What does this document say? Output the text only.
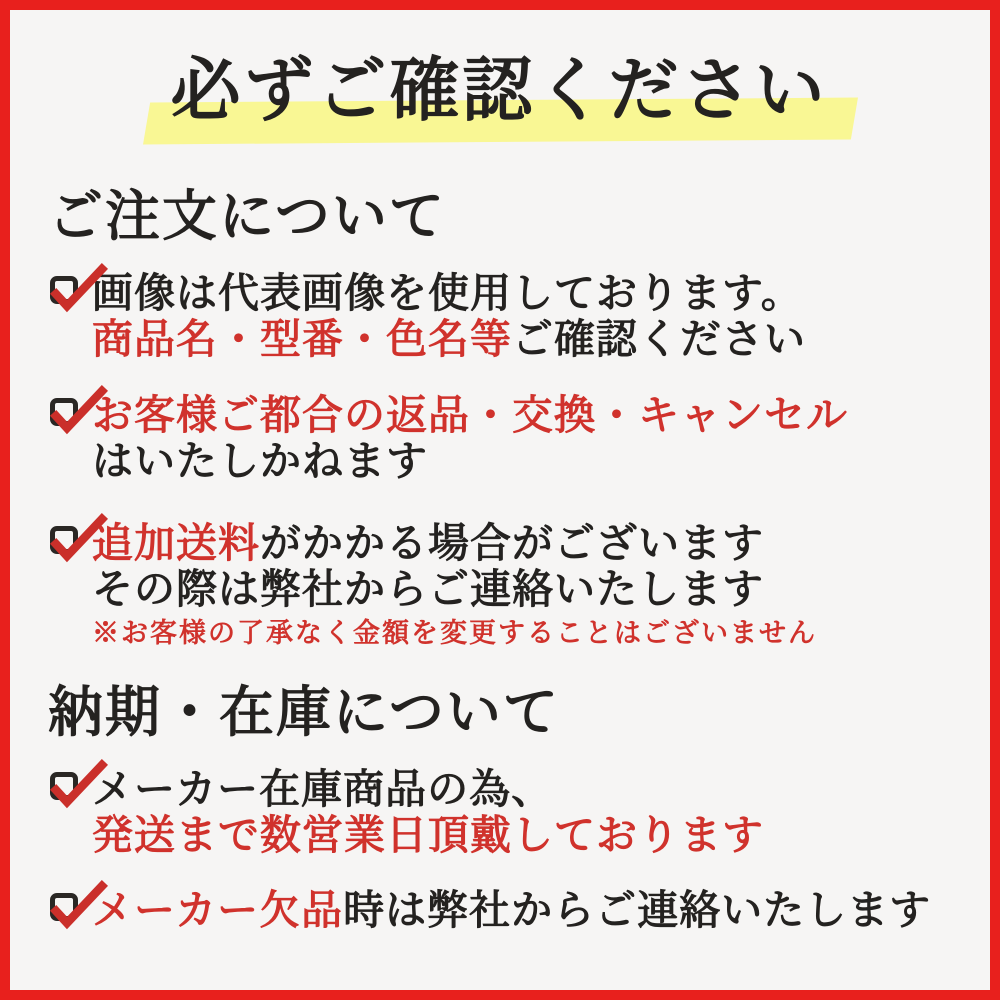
必ずご確認ください
ご注文について

画像は代表画像を使用しております。

商品名・型番・色名等ご確認ください

お客様ご都合の返品・交換・キャンセル

はいたしかねます

追加送料がかかる場合がございます

その際は弊社からご連絡いたします

※お客様の了承なく金額を変更することはございません

納期・在庫について

メーカー在庫商品の為、

発送まで数営業日頂戴しております

メーカー欠品時は弊社からご連絡いたします
